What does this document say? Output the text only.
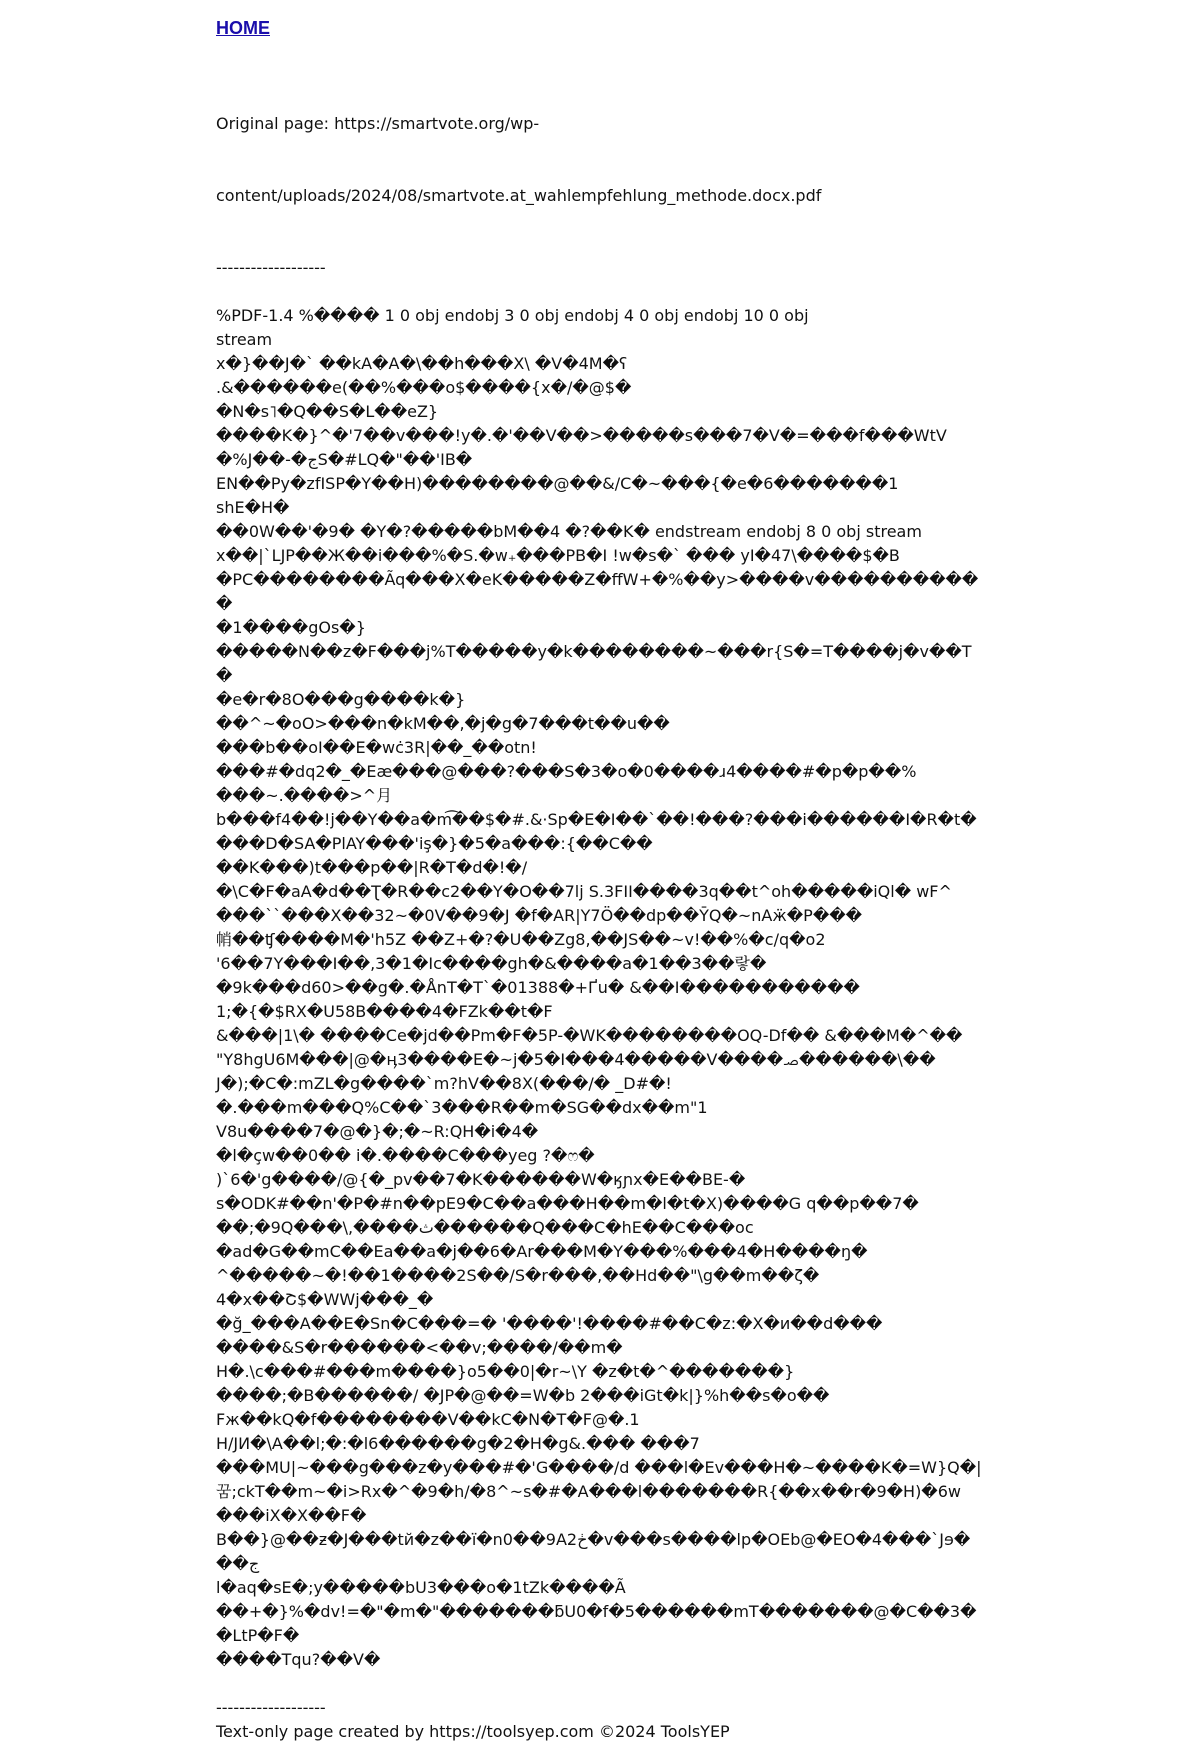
HOME

Original page: https://smartvote.org/wp-

content/uploads/2024/08/smartvote.at_wahlempfehlung_methode.docx.pdf

-------------------
%PDF-1.4 %���� 1 0 obj endobj 3 0 obj endobj 4 0 obj endobj 10 0 obj
stream
x�}��J�` ��kA�A�\��h���X\ �V�4M�ʕ
.&������e(��%���o$����{x�/�@$�
�N�s˥�Q��S�L��eZ}
����K�}^�'7��v���!y�.�'��V��>�����s���7�V�=���f���WtV
�%J��-�جS�#LQ�"��'IB�
EN��Py�zfISP�Y��H)��������@��&/C�~���{�e�6�������1
shE�H�
��0W��'�9� �Y�?�����bM��4 �?��K� endstream endobj 8 0 obj stream
x��|`LJP��Ж��i���%�S.�w₊���PB�I !w�s�` ��� yI�47\����$�B
�PC��������Ãq���X�eK�����Z�ffW+�%��y>����v�����������
�1����gOs�}
�����N��z�F���j%T�����y�k��������~���r{S�=T����j�v��T�
�e�r�8O���g����k�}
��^~�oO>���n�kM��,�j�g�7���t��u��
���b��oI��E�wċ3R|��_��otn!
���#�dq2�_�Eæ���@���?���S�3�o�0����ɹ4����#�p�p��%
���~.����>^月
b���f4��!j��Y��a�m͡��$�#.&·Sp�E�I��`��!���?���i������I�R�t�
���D�SA�PlAY���'iş�}�5�a���:{��C��
��K���)t���p��|R�T�d�!�/
�\C�F�aA�d��Ʈ�R��c2��Y�O��7lj S.3FII����3q��t^oh�����iQl� wF^
���``���X��32~�0V��9�J �f�AR|Y7Ö��dp��ȲQ�~nAӝ�P���
帩��ʧ����M�'h5Z ��Z+�?�U��Zg8,��JS��~v!��%�c/q�o2
'6��7Y���I��,3�1�Ic����gh�&����a�1��3��랗�
�9k���d60>��g�.�ÅnT�T`�01388�+Ґu� &��I�����������
1;�{�$RX�U58B����4�FZk��t�F
&���|1\� ����Ce�jd��Pm�F�5P-�WK��������OQ-Df�� &���M�^��
"Y8hgU6M���|@�ӊ3����E�~j�5�I���4�����V����ࡎ������\��
J�);�C�:mZL�g����`m?hV��8X(���/� _D#�!
�.���m���Q%C��`3���R��m�SG��dx��m"1
V8u����7�@�}�;�~R:QH�i�4�
�l�çw��0�� i�.����C���yeg ?�ෆ�
)`6�'g����/@{�_pv��7�K������W�ӄɲx�E��BE-�
s�ODK#��n'�P�#n��pE9�C��a���H��m�l�t�X)����G q��p��7�
��;�9Q���\,����ث������Q���C�hE��C���oc
�ad�G��mC��Ea��a�j��6�Ar���M�Y���%���4�H����ŋ�
^�����~�!��1����2S��/S�r���,��Hd��"\g��m��ζ�
4�x��Շ$�WWj���_�
�ğ_���A��E�Sn�C���=� '����'!����#��C�z:�X�и��d���
����&S�r������<��v;����/��m�
H�.\c���#���m����}o5��0|�r~\Y �z�t�^�������}
����;�B������/ �JP�@��=W�b 2���iGt�k|}%h��s�o��
Fж��kQ�f��������V��kC�N�T�F@�.1
H/JИ�\A��l;�:�l6������g�2�H�g&.��� ���7
���MU|~���g���z�y���#�'G����/d ���l�Ev���H�~����K�=W}Q�|
꿈;ckT��m~�i>Rx�^�9�h/�8^~s�#�A���l�������R{��x��r�9�H)�6w
���iX�X��F�
B��}@��ƶ�J���tй�z��ї�n0��9Aڂ2�v���s����lp�OEb@�EO�4���`Jɘ���ج
l�aq�sE�;y�����bU3���o�1tZk����Ã
��+�}%�dv!=�"�m�"�������ƃU0�f�5������mT�������@�C��3��LtP�F�
����Tqu?��V�
-------------------
Text-only page created by https://toolsyep.com ©2024 ToolsYEP
